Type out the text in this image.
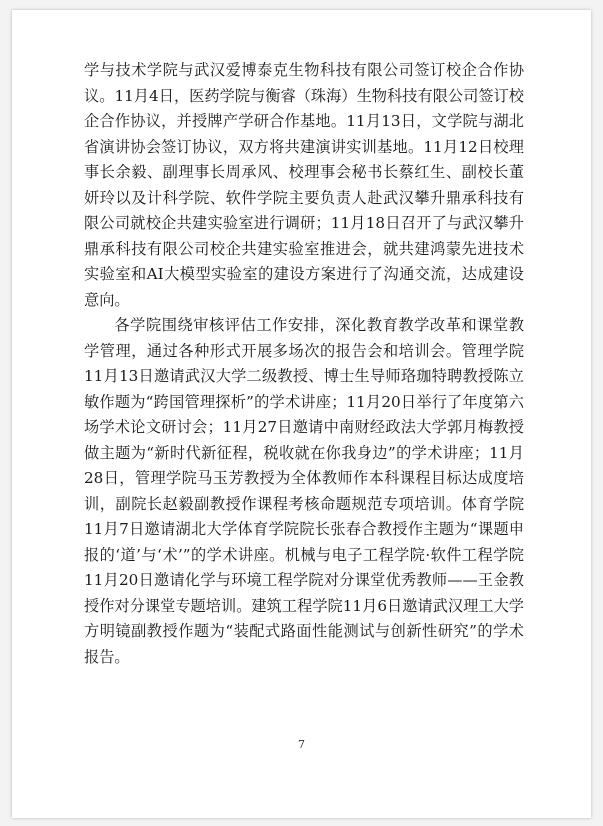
学与技术学院与武汉爱博泰克生物科技有限公司签订校企合作协议。11月4日，医药学院与衡睿（珠海）生物科技有限公司签订校企合作协议，并授牌产学研合作基地。11月13日，文学院与湖北省演讲协会签订协议，双方将共建演讲实训基地。11月12日校理事长余毅、副理事长周承风、校理事会秘书长蔡红生、副校长董妍玲以及计科学院、软件学院主要负责人赴武汉攀升鼎承科技有限公司就校企共建实验室进行调研；11月18日召开了与武汉攀升鼎承科技有限公司校企共建实验室推进会，就共建鸿蒙先进技术实验室和AI大模型实验室的建设方案进行了沟通交流，达成建设意向。

各学院围绕审核评估工作安排，深化教育教学改革和课堂教学管理，通过各种形式开展多场次的报告会和培训会。管理学院11月13日邀请武汉大学二级教授、博士生导师珞珈特聘教授陈立敏作题为“跨国管理探析”的学术讲座；11月20日举行了年度第六场学术论文研讨会；11月27日邀请中南财经政法大学郭月梅教授做主题为“新时代新征程，税收就在你我身边”的学术讲座；11月28日，管理学院马玉芳教授为全体教师作本科课程目标达成度培训，副院长赵毅副教授作课程考核命题规范专项培训。体育学院11月7日邀请湖北大学体育学院院长张春合教授作主题为“课题申报的‘道’与‘术’”的学术讲座。机械与电子工程学院·软件工程学院11月20日邀请化学与环境工程学院对分课堂优秀教师——王金教授作对分课堂专题培训。建筑工程学院11月6日邀请武汉理工大学方明镜副教授作题为“装配式路面性能测试与创新性研究”的学术报告。

7
